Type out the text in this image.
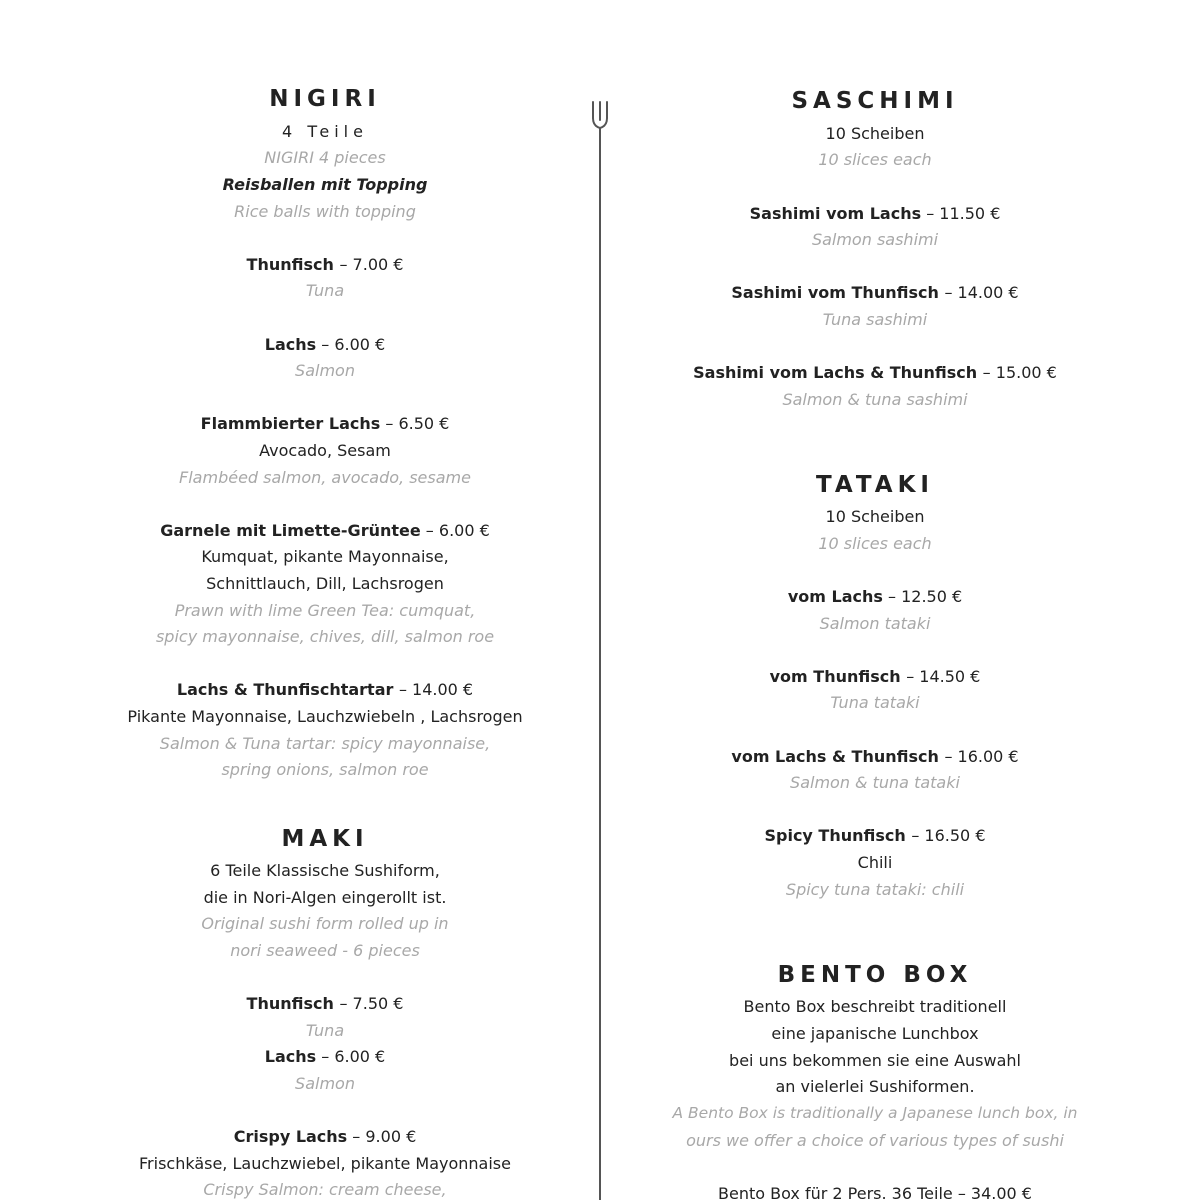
NIGIRI
4 Teile
NIGIRI 4 pieces
Reisballen mit Topping
Rice balls with topping
Thunfisch – 7.00 €
Tuna
Lachs – 6.00 €
Salmon
Flammbierter Lachs – 6.50 €
Avocado, Sesam
Flambéed salmon, avocado, sesame
Garnele mit Limette-Grüntee – 6.00 €
Kumquat, pikante Mayonnaise,
Schnittlauch, Dill, Lachsrogen
Prawn with lime Green Tea: cumquat,
spicy mayonnaise, chives, dill, salmon roe
Lachs & Thunfischtartar – 14.00 €
Pikante Mayonnaise, Lauchzwiebeln , Lachsrogen
Salmon & Tuna tartar: spicy mayonnaise,
spring onions, salmon roe
MAKI
6 Teile Klassische Sushiform,
die in Nori-Algen eingerollt ist.
Original sushi form rolled up in
nori seaweed - 6 pieces
Thunfisch – 7.50 €
Tuna
Lachs – 6.00 €
Salmon
Crispy Lachs – 9.00 €
Frischkäse, Lauchzwiebel, pikante Mayonnaise
Crispy Salmon: cream cheese,
SASCHIMI
10 Scheiben
10 slices each
Sashimi vom Lachs – 11.50 €
Salmon sashimi
Sashimi vom Thunfisch – 14.00 €
Tuna sashimi
Sashimi vom Lachs & Thunfisch – 15.00 €
Salmon & tuna sashimi
TATAKI
10 Scheiben
10 slices each
vom Lachs – 12.50 €
Salmon tataki
vom Thunfisch – 14.50 €
Tuna tataki
vom Lachs & Thunfisch – 16.00 €
Salmon & tuna tataki
Spicy Thunfisch – 16.50 €
Chili
Spicy tuna tataki: chili
BENTO BOX
Bento Box beschreibt traditionell
eine japanische Lunchbox
bei uns bekommen sie eine Auswahl
an vielerlei Sushiformen.
A Bento Box is traditionally a Japanese lunch box, in
ours we offer a choice of various types of sushi
Bento Box für 2 Pers. 36 Teile – 34.00 €
